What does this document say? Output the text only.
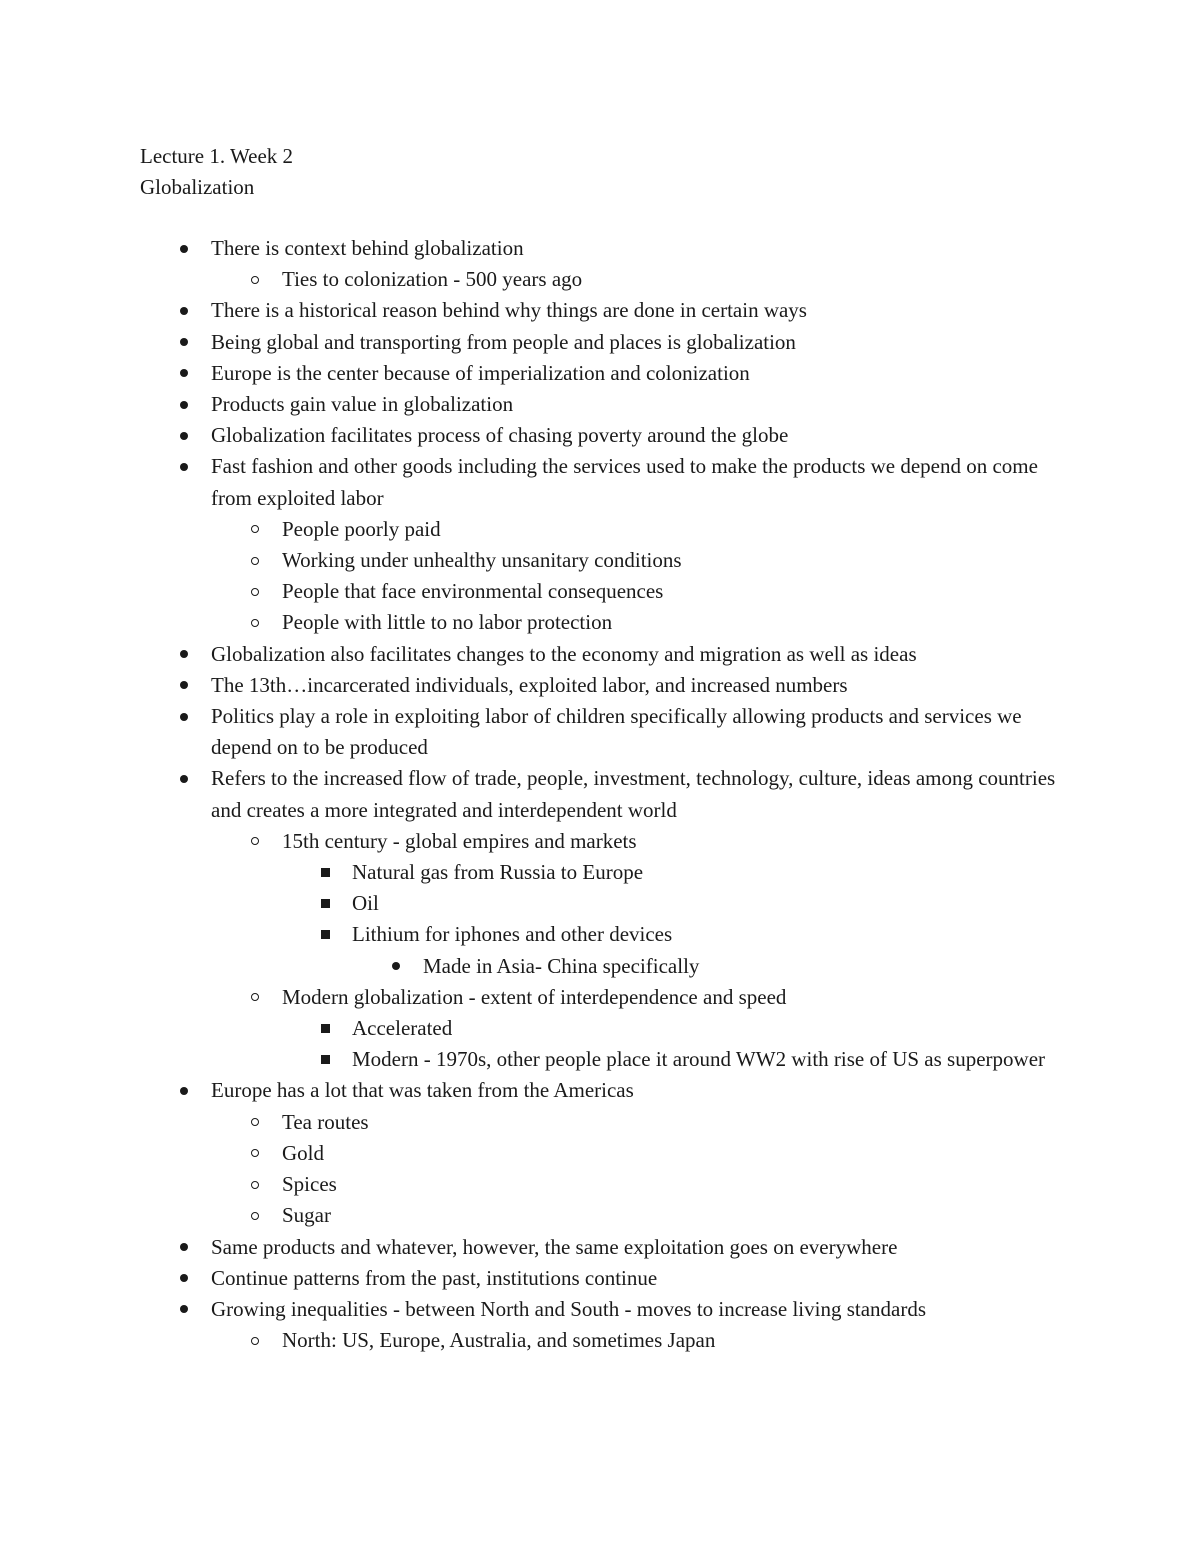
Lecture 1. Week 2
Globalization
There is context behind globalization
Ties to colonization - 500 years ago
There is a historical reason behind why things are done in certain ways
Being global and transporting from people and places is globalization
Europe is the center because of imperialization and colonization
Products gain value in globalization
Globalization facilitates process of chasing poverty around the globe
Fast fashion and other goods including the services used to make the products we depend on come from exploited labor
People poorly paid
Working under unhealthy unsanitary conditions
People that face environmental consequences
People with little to no labor protection
Globalization also facilitates changes to the economy and migration as well as ideas
The 13th…incarcerated individuals, exploited labor, and increased numbers
Politics play a role in exploiting labor of children specifically allowing products and services we depend on to be produced
Refers to the increased flow of trade, people, investment, technology, culture, ideas among countries and creates a more integrated and interdependent world
15th century - global empires and markets
Natural gas from Russia to Europe
Oil
Lithium for iphones and other devices
Made in Asia- China specifically
Modern globalization - extent of interdependence and speed
Accelerated
Modern - 1970s, other people place it around WW2 with rise of US as superpower
Europe has a lot that was taken from the Americas
Tea routes
Gold
Spices
Sugar
Same products and whatever, however, the same exploitation goes on everywhere
Continue patterns from the past, institutions continue
Growing inequalities - between North and South - moves to increase living standards
North: US, Europe, Australia, and sometimes Japan
